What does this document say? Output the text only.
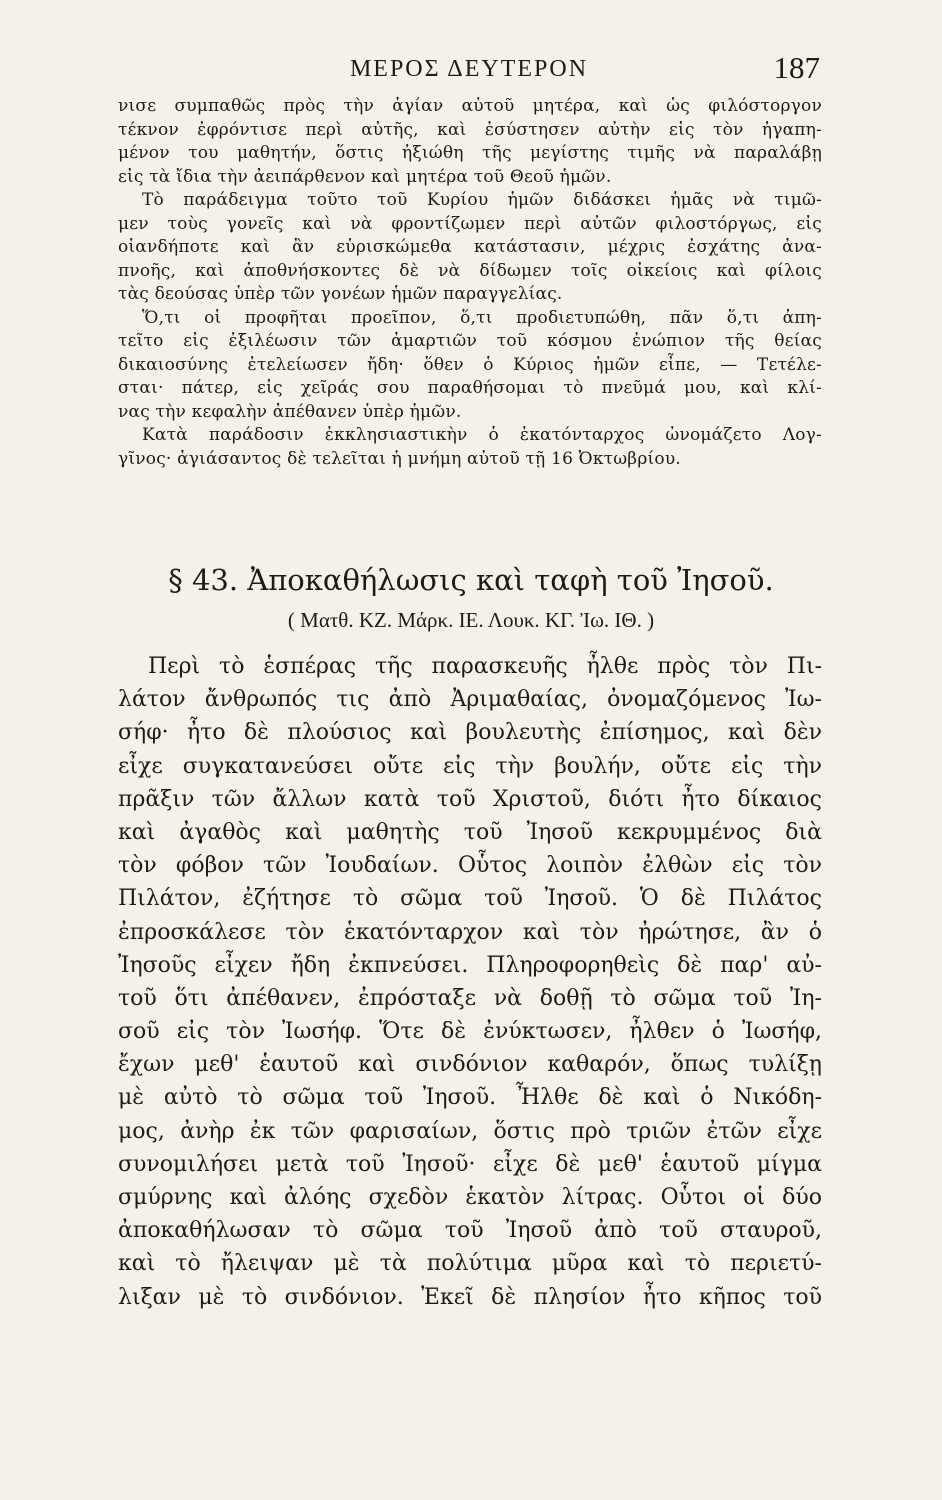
ΜΕΡΟΣ ΔΕΥΤΕΡΟΝ	187
νισε συμπαθῶς πρὸς τὴν ἁγίαν αὐτοῦ μητέρα, καὶ ὡς φιλόστοργον
τέκνον ἐφρόντισε περὶ αὐτῆς, καὶ ἐσύστησεν αὐτὴν εἰς τὸν ἠγαπη-
μένον του μαθητήν, ὅστις ἠξιώθη τῆς μεγίστης τιμῆς νὰ παραλάβῃ
εἰς τὰ ἴδια τὴν ἀειπάρθενον καὶ μητέρα τοῦ Θεοῦ ἡμῶν.
Τὸ παράδειγμα τοῦτο τοῦ Κυρίου ἡμῶν διδάσκει ἡμᾶς νὰ τιμῶ-
μεν τοὺς γονεῖς καὶ νὰ φροντίζωμεν περὶ αὐτῶν φιλοστόργως, εἰς
οἱανδήποτε καὶ ἂν εὑρισκώμεθα κατάστασιν, μέχρις ἐσχάτης ἀνα-
πνοῆς, καὶ ἀποθνήσκοντες δὲ νὰ δίδωμεν τοῖς οἰκείοις καὶ φίλοις
τὰς δεούσας ὑπὲρ τῶν γονέων ἡμῶν παραγγελίας.
Ὅ,τι οἱ προφῆται προεῖπον, ὅ,τι προδιετυπώθη, πᾶν ὅ,τι ἀπη-
τεῖτο εἰς ἐξιλέωσιν τῶν ἁμαρτιῶν τοῦ κόσμου ἐνώπιον τῆς θείας
δικαιοσύνης ἐτελείωσεν ἤδη· ὅθεν ὁ Κύριος ἡμῶν εἶπε, — Τετέλε-
σται· πάτερ, εἰς χεῖράς σου παραθήσομαι τὸ πνεῦμά μου, καὶ κλί-
νας τὴν κεφαλὴν ἀπέθανεν ὑπὲρ ἡμῶν.
Κατὰ παράδοσιν ἐκκλησιαστικὴν ὁ ἑκατόνταρχος ὠνομάζετο Λογ-
γῖνος· ἁγιάσαντος δὲ τελεῖται ἡ μνήμη αὐτοῦ τῇ 16 Ὀκτωβρίου.
§ 43. Ἀποκαθήλωσις καὶ ταφὴ τοῦ Ἰησοῦ.
( Ματθ. ΚΖ. Μάρκ. ΙΕ. Λουκ. ΚΓ. Ἰω. ΙΘ. )
Περὶ τὸ ἑσπέρας τῆς παρασκευῆς ἦλθε πρὸς τὸν Πι-
λάτον ἄνθρωπός τις ἀπὸ Ἀριμαθαίας, ὀνομαζόμενος Ἰω-
σήφ· ἦτο δὲ πλούσιος καὶ βουλευτὴς ἐπίσημος, καὶ δὲν
εἶχε συγκατανεύσει οὔτε εἰς τὴν βουλήν, οὔτε εἰς τὴν
πρᾶξιν τῶν ἄλλων κατὰ τοῦ Χριστοῦ, διότι ἦτο δίκαιος
καὶ ἀγαθὸς καὶ μαθητὴς τοῦ Ἰησοῦ κεκρυμμένος διὰ
τὸν φόβον τῶν Ἰουδαίων. Οὗτος λοιπὸν ἐλθὼν εἰς τὸν
Πιλάτον, ἐζήτησε τὸ σῶμα τοῦ Ἰησοῦ. Ὁ δὲ Πιλάτος
ἐπροσκάλεσε τὸν ἑκατόνταρχον καὶ τὸν ἠρώτησε, ἂν ὁ
Ἰησοῦς εἶχεν ἤδη ἐκπνεύσει. Πληροφορηθεὶς δὲ παρ' αὐ-
τοῦ ὅτι ἀπέθανεν, ἐπρόσταξε νὰ δοθῇ τὸ σῶμα τοῦ Ἰη-
σοῦ εἰς τὸν Ἰωσήφ. Ὅτε δὲ ἐνύκτωσεν, ἦλθεν ὁ Ἰωσήφ,
ἔχων μεθ' ἑαυτοῦ καὶ σινδόνιον καθαρόν, ὅπως τυλίξῃ
μὲ αὐτὸ τὸ σῶμα τοῦ Ἰησοῦ. Ἦλθε δὲ καὶ ὁ Νικόδη-
μος, ἀνὴρ ἐκ τῶν φαρισαίων, ὅστις πρὸ τριῶν ἐτῶν εἶχε
συνομιλήσει μετὰ τοῦ Ἰησοῦ· εἶχε δὲ μεθ' ἑαυτοῦ μίγμα
σμύρνης καὶ ἀλόης σχεδὸν ἑκατὸν λίτρας. Οὗτοι οἱ δύο
ἀποκαθήλωσαν τὸ σῶμα τοῦ Ἰησοῦ ἀπὸ τοῦ σταυροῦ,
καὶ τὸ ἤλειψαν μὲ τὰ πολύτιμα μῦρα καὶ τὸ περιετύ-
λιξαν μὲ τὸ σινδόνιον. Ἐκεῖ δὲ πλησίον ἦτο κῆπος τοῦ
